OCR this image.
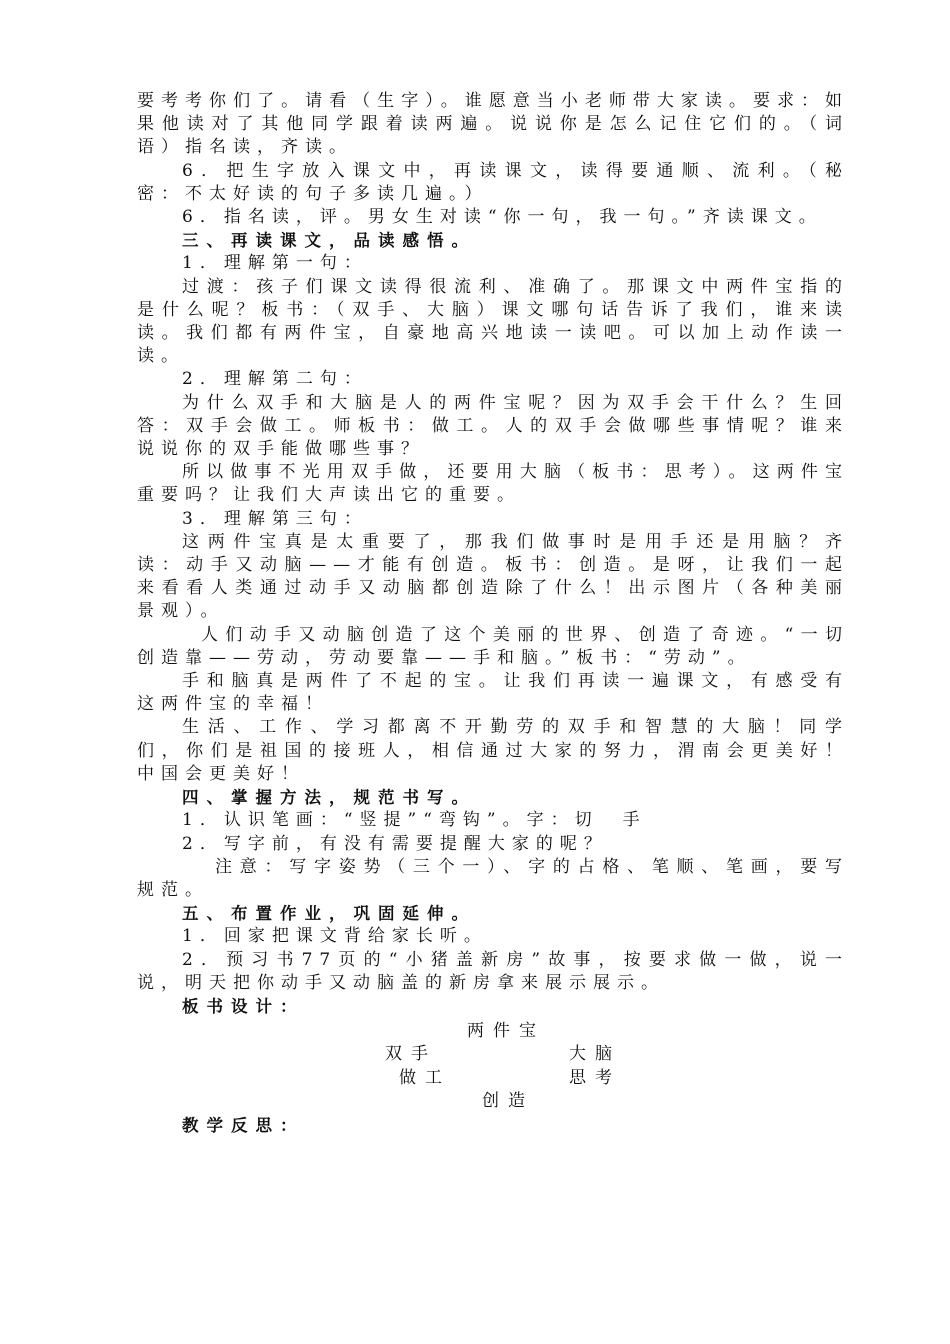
要考考你们了。请看（生字）。谁愿意当小老师带大家读。要求：如果他读对了其他同学跟着读两遍。说说你是怎么记住它们的。（词语）指名读，齐读。

6．把生字放入课文中，再读课文，读得要通顺、流利。（秘密：不太好读的句子多读几遍。）

6．指名读，评。男女生对读“你一句，我一句。”齐读课文。

三、再读课文，品读感悟。

1．理解第一句：

过渡：孩子们课文读得很流利、准确了。那课文中两件宝指的是什么呢？板书：（双手、大脑）课文哪句话告诉了我们，谁来读读。我们都有两件宝，自豪地高兴地读一读吧。可以加上动作读一读。

2．理解第二句：

为什么双手和大脑是人的两件宝呢？因为双手会干什么？生回答：双手会做工。师板书：做工。人的双手会做哪些事情呢？谁来说说你的双手能做哪些事？

所以做事不光用双手做，还要用大脑（板书：思考）。这两件宝重要吗？让我们大声读出它的重要。

3．理解第三句：

这两件宝真是太重要了，那我们做事时是用手还是用脑？齐读：动手又动脑——才能有创造。板书：创造。是呀，让我们一起来看看人类通过动手又动脑都创造除了什么！出示图片（各种美丽景观）。

人们动手又动脑创造了这个美丽的世界、创造了奇迹。“一切创造靠——劳动，劳动要靠——手和脑。”板书：“劳动”。

手和脑真是两件了不起的宝。让我们再读一遍课文，有感受有这两件宝的幸福！

生活、工作、学习都离不开勤劳的双手和智慧的大脑！同学们，你们是祖国的接班人，相信通过大家的努力，渭南会更美好！中国会更美好！

四、掌握方法，规范书写。

1．认识笔画：“竖提”“弯钩”。字：切　手

2．写字前，有没有需要提醒大家的呢？

注意：写字姿势（三个一）、字的占格、笔顺、笔画，要写规范。

五、布置作业，巩固延伸。

1．回家把课文背给家长听。

2．预习书77页的“小猪盖新房”故事，按要求做一做，说一说，明天把你动手又动脑盖的新房拿来展示展示。

板书设计：

两件宝
双手	大脑
做工	思考
创造

教学反思：
